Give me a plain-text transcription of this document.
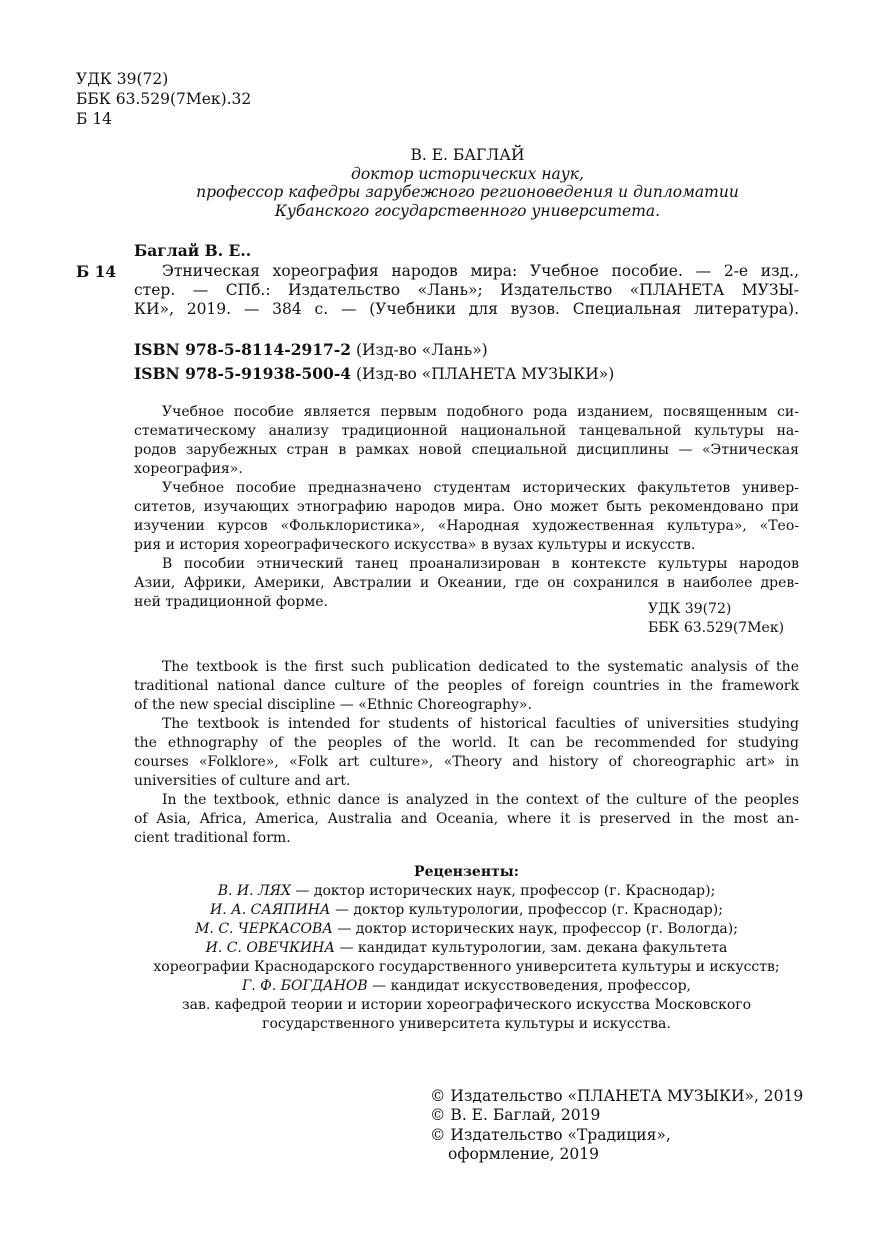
УДК 39(72)
ББК 63.529(7Мек).32
Б 14
В. Е. БАГЛАЙ
доктор исторических наук,
профессор кафедры зарубежного регионоведения и дипломатии
Кубанского государственного университета.
Баглай В. Е..
Б 14	Этническая хореография народов мира: Учебное пособие. — 2-е изд.,
стер. — СПб.: Издательство «Лань»; Издательство «ПЛАНЕТА МУЗЫ-
КИ», 2019. — 384 с. — (Учебники для вузов. Специальная литература).
ISBN 978-5-8114-2917-2 (Изд-во «Лань»)
ISBN 978-5-91938-500-4 (Изд-во «ПЛАНЕТА МУЗЫКИ»)
Учебное пособие является первым подобного рода изданием, посвященным си-
стематическому анализу традиционной национальной танцевальной культуры на-
родов зарубежных стран в рамках новой специальной дисциплины — «Этническая
хореография».
Учебное пособие предназначено студентам исторических факультетов универ-
ситетов, изучающих этнографию народов мира. Оно может быть рекомендовано при
изучении курсов «Фольклористика», «Народная художественная культура», «Тео-
рия и история хореографического искусства» в вузах культуры и искусств.
В пособии этнический танец проанализирован в контексте культуры народов
Азии, Африки, Америки, Австралии и Океании, где он сохранился в наиболее древ-
ней традиционной форме.	УДК 39(72)
ББК 63.529(7Мек)
The textbook is the first such publication dedicated to the systematic analysis of the
traditional national dance culture of the peoples of foreign countries in the framework
of the new special discipline — «Ethnic Choreography».
The textbook is intended for students of historical faculties of universities studying
the ethnography of the peoples of the world. It can be recommended for studying
courses «Folklore», «Folk art culture», «Theory and history of choreographic art» in
universities of culture and art.
In the textbook, ethnic dance is analyzed in the context of the culture of the peoples
of Asia, Africa, America, Australia and Oceania, where it is preserved in the most an-
cient traditional form.
Рецензенты:
В. И. ЛЯХ — доктор исторических наук, профессор (г. Краснодар);
И. А. САЯПИНА — доктор культурологии, профессор (г. Краснодар);
М. С. ЧЕРКАСОВА — доктор исторических наук, профессор (г. Вологда);
И. С. ОВЕЧКИНА — кандидат культурологии, зам. декана факультета
хореографии Краснодарского государственного университета культуры и искусств;
Г. Ф. БОГДАНОВ — кандидат искусствоведения, профессор,
зав. кафедрой теории и истории хореографического искусства Московского
государственного университета культуры и искусства.
© Издательство «ПЛАНЕТА МУЗЫКИ», 2019
© В. Е. Баглай, 2019
© Издательство «Традиция»,
оформление, 2019
